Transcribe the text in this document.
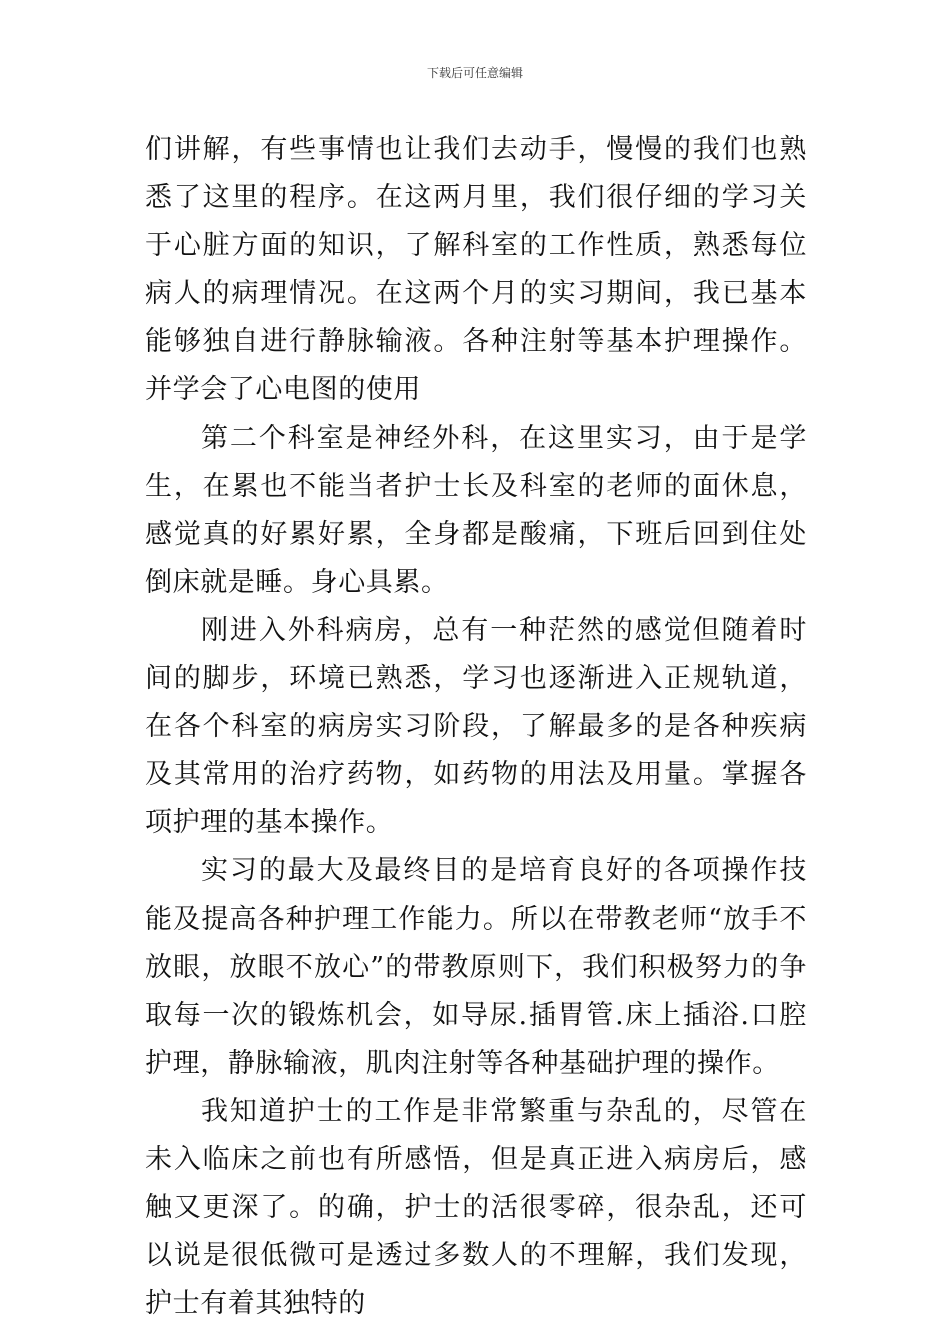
下载后可任意编辑

们讲解，有些事情也让我们去动手，慢慢的我们也熟悉了这里的程序。在这两月里，我们很仔细的学习关于心脏方面的知识，了解科室的工作性质，熟悉每位病人的病理情况。在这两个月的实习期间，我已基本能够独自进行静脉输液。各种注射等基本护理操作。并学会了心电图的使用

第二个科室是神经外科，在这里实习，由于是学生，在累也不能当者护士长及科室的老师的面休息，感觉真的好累好累，全身都是酸痛，下班后回到住处倒床就是睡。身心具累。

刚进入外科病房，总有一种茫然的感觉但随着时间的脚步，环境已熟悉，学习也逐渐进入正规轨道，在各个科室的病房实习阶段，了解最多的是各种疾病及其常用的治疗药物，如药物的用法及用量。掌握各项护理的基本操作。

实习的最大及最终目的是培育良好的各项操作技能及提高各种护理工作能力。所以在带教老师“放手不放眼，放眼不放心”的带教原则下，我们积极努力的争取每一次的锻炼机会，如导尿.插胃管.床上插浴.口腔护理，静脉输液，肌肉注射等各种基础护理的操作。

我知道护士的工作是非常繁重与杂乱的，尽管在未入临床之前也有所感悟，但是真正进入病房后，感触又更深了。的确，护士的活很零碎，很杂乱，还可以说是很低微可是透过多数人的不理解，我们发现，护士有着其独特的
